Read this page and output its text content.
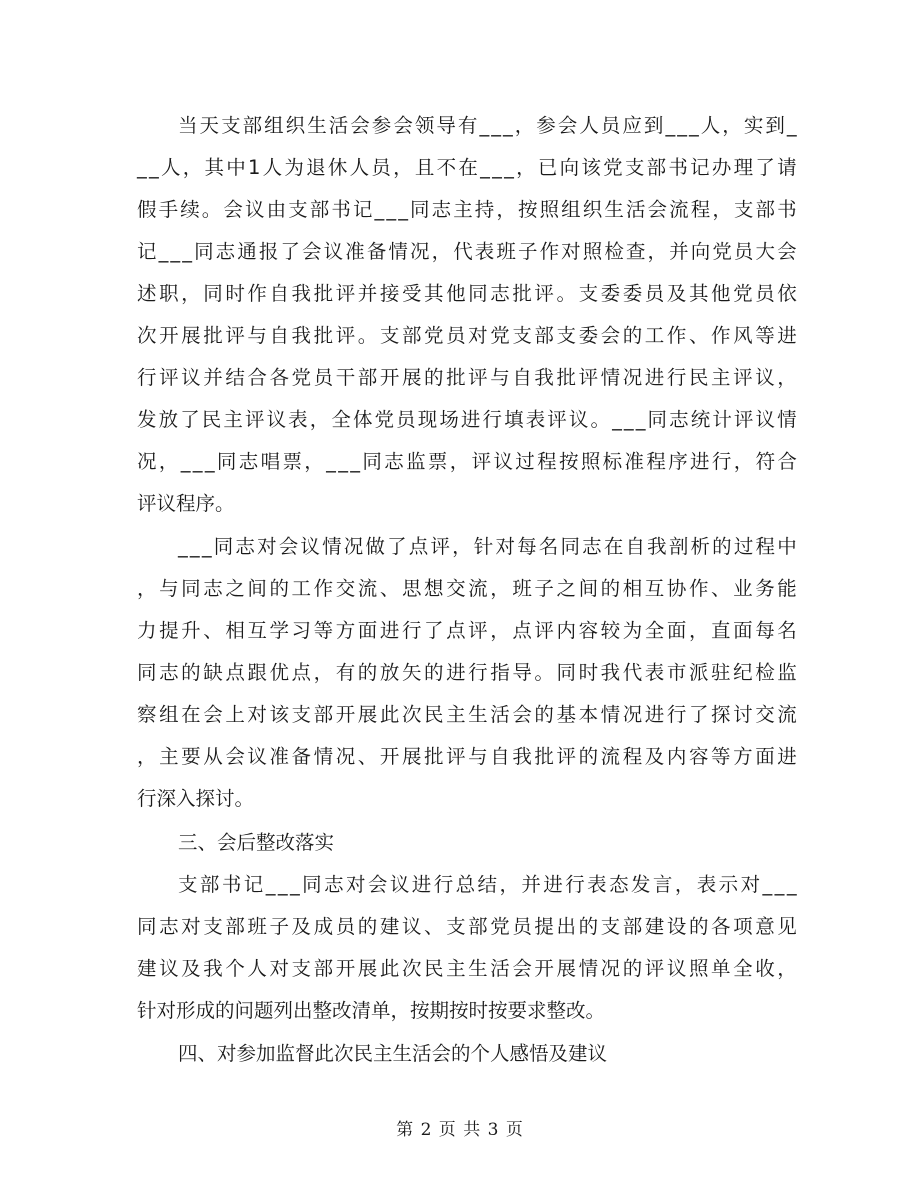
当 天 支 部 组 织 生 活 会 参 会 领 导 有 _ _ _ ， 参 会 人 员 应 到 _ _ _ 人 ， 实 到 _
_ _ 人 ， 其 中 1 人 为 退 休 人 员 ， 且 不 在 _ _ _ ， 已 向 该 党 支 部 书 记 办 理 了 请
假 手 续 。 会 议 由 支 部 书 记 _ _ _ 同 志 主 持 ， 按 照 组 织 生 活 会 流 程 ， 支 部 书
记 _ _ _ 同 志 通 报 了 会 议 准 备 情 况 ， 代 表 班 子 作 对 照 检 查 ， 并 向 党 员 大 会
述 职 ， 同 时 作 自 我 批 评 并 接 受 其 他 同 志 批 评 。 支 委 委 员 及 其 他 党 员 依
次 开 展 批 评 与 自 我 批 评 。 支 部 党 员 对 党 支 部 支 委 会 的 工 作 、 作 风 等 进
行 评 议 并 结 合 各 党 员 干 部 开 展 的 批 评 与 自 我 批 评 情 况 进 行 民 主 评 议 ，
发 放 了 民 主 评 议 表 ， 全 体 党 员 现 场 进 行 填 表 评 议 。 _ _ _ 同 志 统 计 评 议 情
况 ， _ _ _ 同 志 唱 票 ， _ _ _ 同 志 监 票 ， 评 议 过 程 按 照 标 准 程 序 进 行 ， 符 合
评议程序。
_ _ _ 同 志 对 会 议 情 况 做 了 点 评 ， 针 对 每 名 同 志 在 自 我 剖 析 的 过 程 中
， 与 同 志 之 间 的 工 作 交 流 、 思 想 交 流 ， 班 子 之 间 的 相 互 协 作 、 业 务 能
力 提 升 、 相 互 学 习 等 方 面 进 行 了 点 评 ， 点 评 内 容 较 为 全 面 ， 直 面 每 名
同 志 的 缺 点 跟 优 点 ， 有 的 放 矢 的 进 行 指 导 。 同 时 我 代 表 市 派 驻 纪 检 监
察 组 在 会 上 对 该 支 部 开 展 此 次 民 主 生 活 会 的 基 本 情 况 进 行 了 探 讨 交 流
， 主 要 从 会 议 准 备 情 况 、 开 展 批 评 与 自 我 批 评 的 流 程 及 内 容 等 方 面 进
行深入探讨。
三、会后整改落实
支 部 书 记 _ _ _ 同 志 对 会 议 进 行 总 结 ， 并 进 行 表 态 发 言 ， 表 示 对 _ _ _
同 志 对 支 部 班 子 及 成 员 的 建 议 、 支 部 党 员 提 出 的 支 部 建 设 的 各 项 意 见
建 议 及 我 个 人 对 支 部 开 展 此 次 民 主 生 活 会 开 展 情 况 的 评 议 照 单 全 收 ，
针对形成的问题列出整改清单，按期按时按要求整改。
四、对参加监督此次民主生活会的个人感悟及建议
第 2 页 共 3 页
